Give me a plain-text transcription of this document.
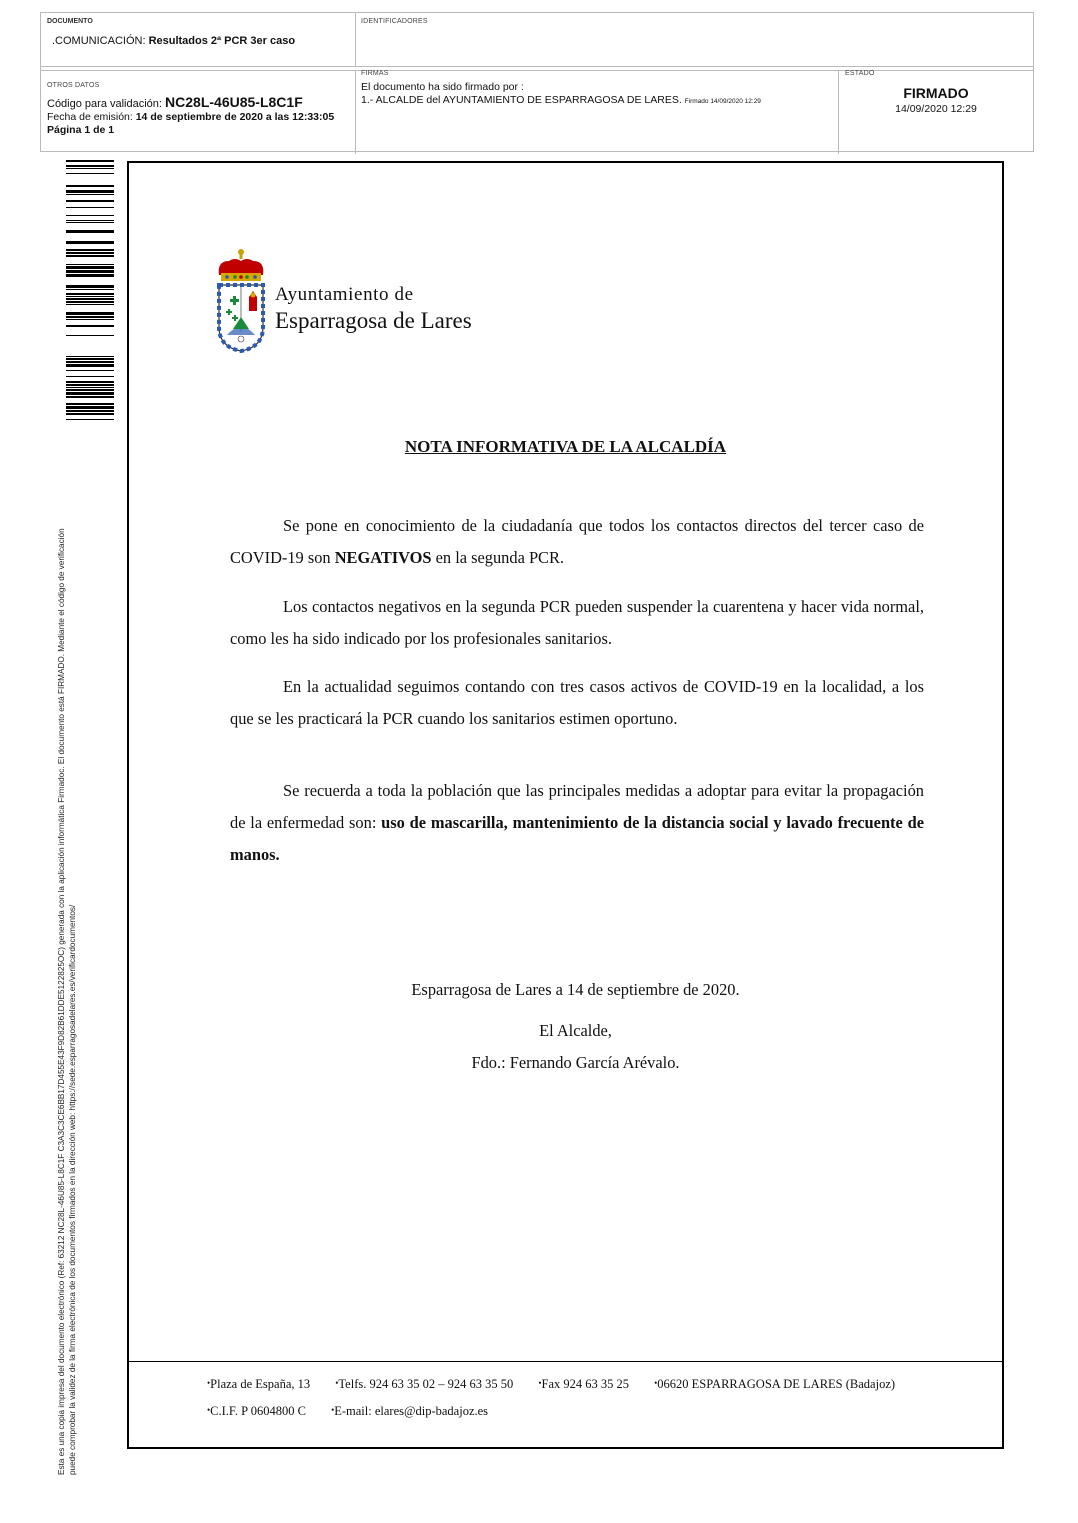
DOCUMENTO
.COMUNICACIÓN: Resultados 2ª PCR 3er caso
IDENTIFICADORES
OTROS DATOS
Código para validación: NC28L-46U85-L8C1F
Fecha de emisión: 14 de septiembre de 2020 a las 12:33:05
Página 1 de 1
FIRMAS
El documento ha sido firmado por :
1.- ALCALDE del AYUNTAMIENTO DE ESPARRAGOSA DE LARES. Firmado 14/09/2020 12:29
ESTADO
FIRMADO
14/09/2020 12:29
Esta es una copia impresa del documento electrónico (Ref: 63212 NC28L-46U85-L8C1F C3A3C3CE6BB17D455E43F9D82B61DDE5122825OC) generada con la aplicación informática Firmadoc. El documento está FIRMADO. Mediante el código de verificación puede comprobar la validez de la firma electrónica de los documentos firmados en la dirección web: https://sede.esparragosadelares.es/verificardocumentos/
Ayuntamiento de
Esparragosa de Lares
NOTA INFORMATIVA DE LA ALCALDÍA
Se pone en conocimiento de la ciudadanía que todos los contactos directos del tercer caso de COVID-19 son NEGATIVOS en la segunda PCR.
Los contactos negativos en la segunda PCR pueden suspender la cuarentena y hacer vida normal, como les ha sido indicado por los profesionales sanitarios.
En la actualidad seguimos contando con tres casos activos de COVID-19 en la localidad, a los que se les practicará la PCR cuando los sanitarios estimen oportuno.
Se recuerda a toda la población que las principales medidas a adoptar para evitar la propagación de la enfermedad son: uso de mascarilla, mantenimiento de la distancia social y lavado frecuente de manos.
Esparragosa de Lares a 14 de septiembre de 2020.
El Alcalde,
Fdo.: Fernando García Arévalo.
•Plaza de España, 13	•Telfs. 924 63 35 02 – 924 63 35 50	•Fax 924 63 35 25	•06620 ESPARRAGOSA DE LARES (Badajoz)
•C.I.F. P 0604800 C	•E-mail: elares@dip-badajoz.es
